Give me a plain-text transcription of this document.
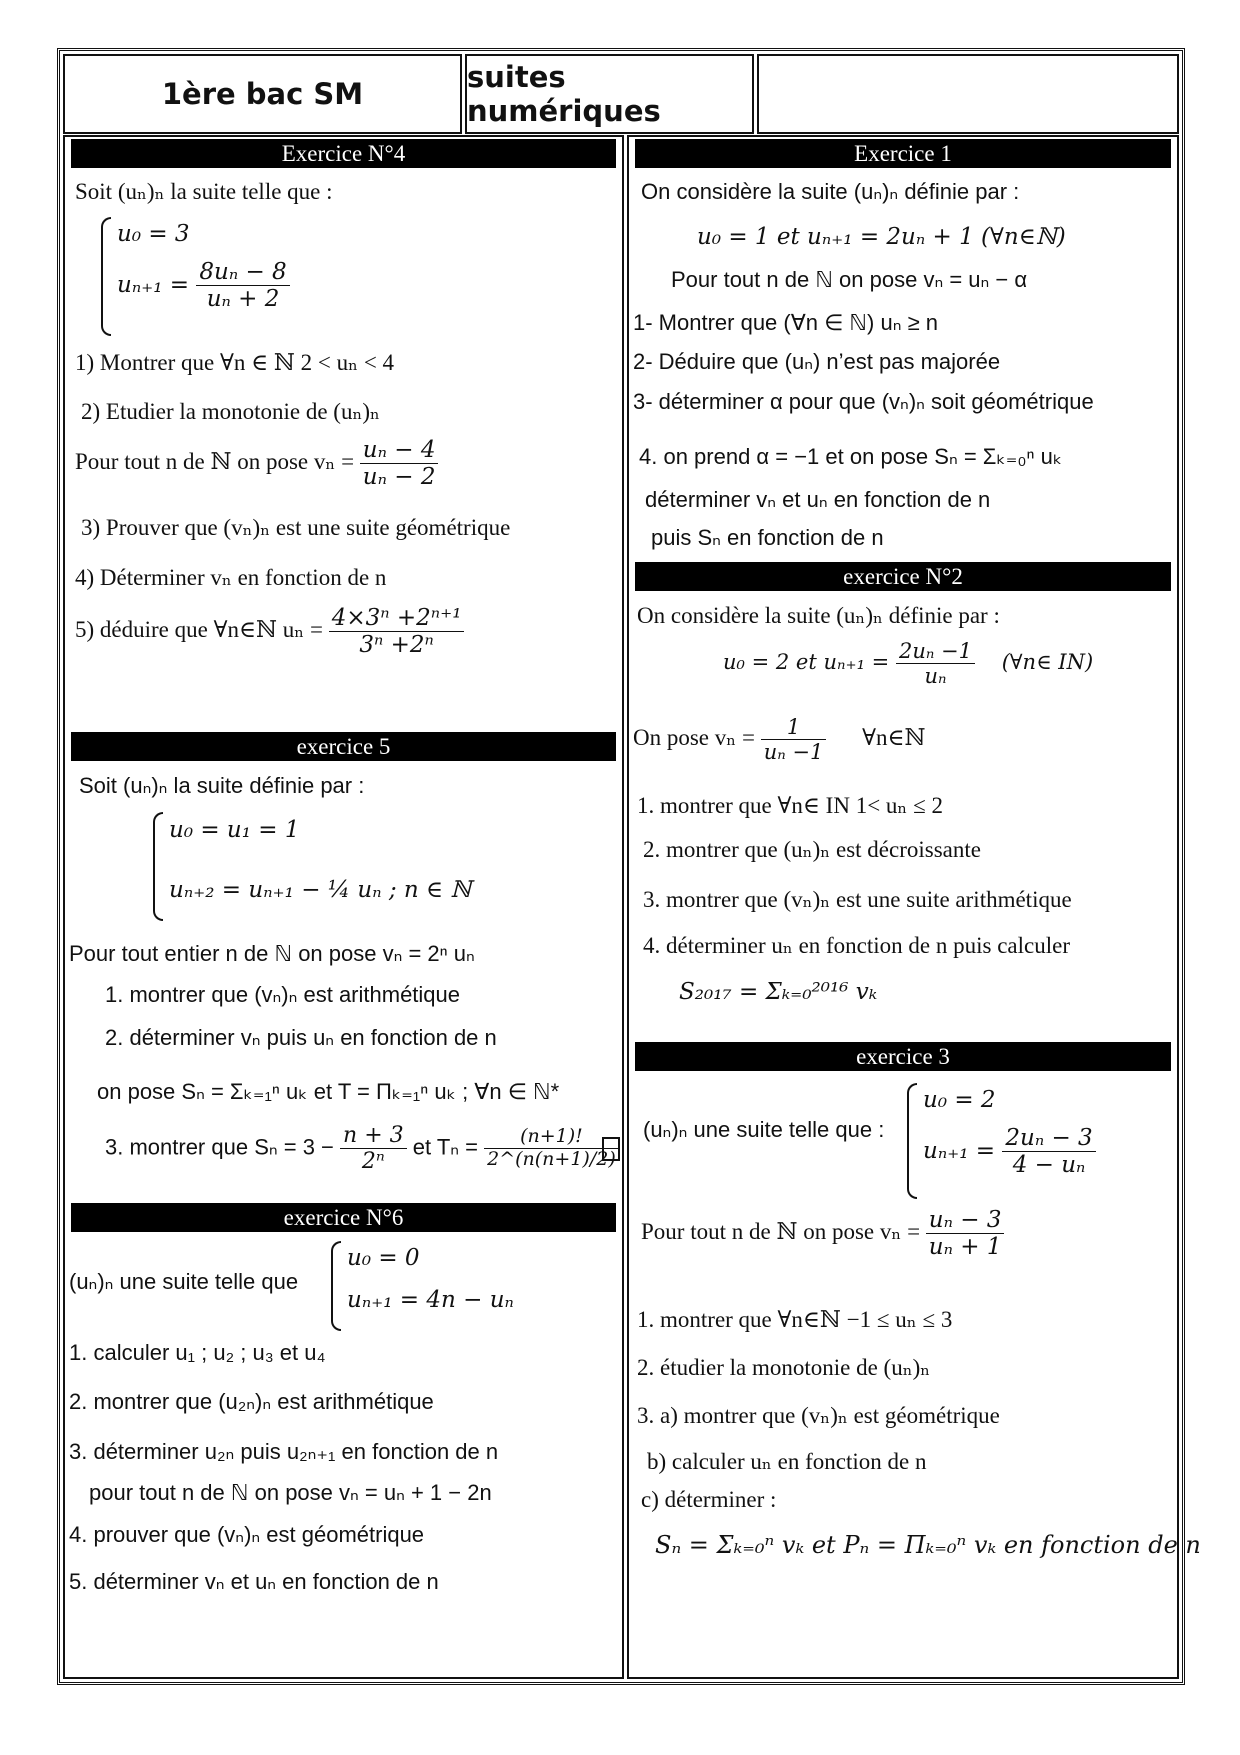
1ère bac SM	suites numériques
Exercice N°4
Soit (uₙ)ₙ la suite telle que :
u₀ = 3
$u_{n+1} = \frac{\text{8uₙ − 8}}{\text{uₙ + 2}}$
1) Montrer que ∀n ∈ ℕ 2 < uₙ < 4
2) Etudier la monotonie de (uₙ)ₙ
Pour tout n de ℕ on pose $v_n = \frac{\text{uₙ − 4}}{\text{uₙ − 2}}$
3) Prouver que (vₙ)ₙ est une suite géométrique
4) Déterminer vₙ en fonction de n
5) déduire que ∀n∈ℕ $u_n = \frac{\text{4×3ⁿ +2ⁿ⁺¹}}{\text{3ⁿ +2ⁿ}}$
exercice 5
Soit (uₙ)ₙ la suite définie par :
u₀ = u₁ = 1
uₙ₊₂ = uₙ₊₁ − ¼ uₙ ; n ∈ ℕ
Pour tout entier n de ℕ on pose vₙ = 2ⁿ uₙ
1. montrer que (vₙ)ₙ est arithmétique
2. déterminer vₙ puis uₙ en fonction de n
on pose Sₙ = Σₖ₌₁ⁿ uₖ et T = Πₖ₌₁ⁿ uₖ ; ∀n ∈ ℕ*
3. montrer que $S_n = 3 - \frac{n + 3}{\text{2ⁿ}}$ et $T_n = \frac{(n+1)!}{2\^{}(n(n+1)/2)}$
exercice N°6
(uₙ)ₙ une suite telle que
u₀ = 0
uₙ₊₁ = 4n − uₙ
1. calculer u₁ ; u₂ ; u₃ et u₄
2. montrer que (u₂ₙ)ₙ est arithmétique
3. déterminer u₂ₙ puis u₂ₙ₊₁ en fonction de n
pour tout n de ℕ on pose vₙ = uₙ + 1 − 2n
4. prouver que (vₙ)ₙ est géométrique
5. déterminer vₙ et uₙ en fonction de n
Exercice 1
On considère la suite (uₙ)ₙ définie par :
u₀ = 1 et uₙ₊₁ = 2uₙ + 1 (∀n∈ℕ)
Pour tout n de ℕ on pose vₙ = uₙ − α
1- Montrer que (∀n ∈ ℕ) uₙ ≥ n
2- Déduire que (uₙ) n’est pas majorée
3- déterminer α pour que (vₙ)ₙ soit géométrique
4. on prend α = −1 et on pose Sₙ = Σₖ₌₀ⁿ uₖ
déterminer vₙ et uₙ en fonction de n
puis Sₙ en fonction de n
exercice N°2
On considère la suite (uₙ)ₙ définie par :
u₀ = 2 et $u_{n+1} = \frac{\text{2uₙ −1}}{\text{uₙ}}$ (∀n∈ IN)
On pose $v_n = \frac{1}{\text{uₙ −1}}$ ∀n∈ℕ
1. montrer que ∀n∈ IN 1< uₙ ≤ 2
2. montrer que (uₙ)ₙ est décroissante
3. montrer que (vₙ)ₙ est une suite arithmétique
4. déterminer uₙ en fonction de n puis calculer
S₂₀₁₇ = Σₖ₌₀²⁰¹⁶ vₖ
exercice 3
(uₙ)ₙ une suite telle que :
u₀ = 2
$u_{n+1} = \frac{\text{2uₙ − 3}}{\text{4 − uₙ}}$
Pour tout n de ℕ on pose $v_n = \frac{\text{uₙ − 3}}{\text{uₙ + 1}}$
1. montrer que ∀n∈ℕ −1 ≤ uₙ ≤ 3
2. étudier la monotonie de (uₙ)ₙ
3. a) montrer que (vₙ)ₙ est géométrique
b) calculer uₙ en fonction de n
c) déterminer :
Sₙ = Σₖ₌₀ⁿ vₖ et Pₙ = Πₖ₌₀ⁿ vₖ en fonction de n
